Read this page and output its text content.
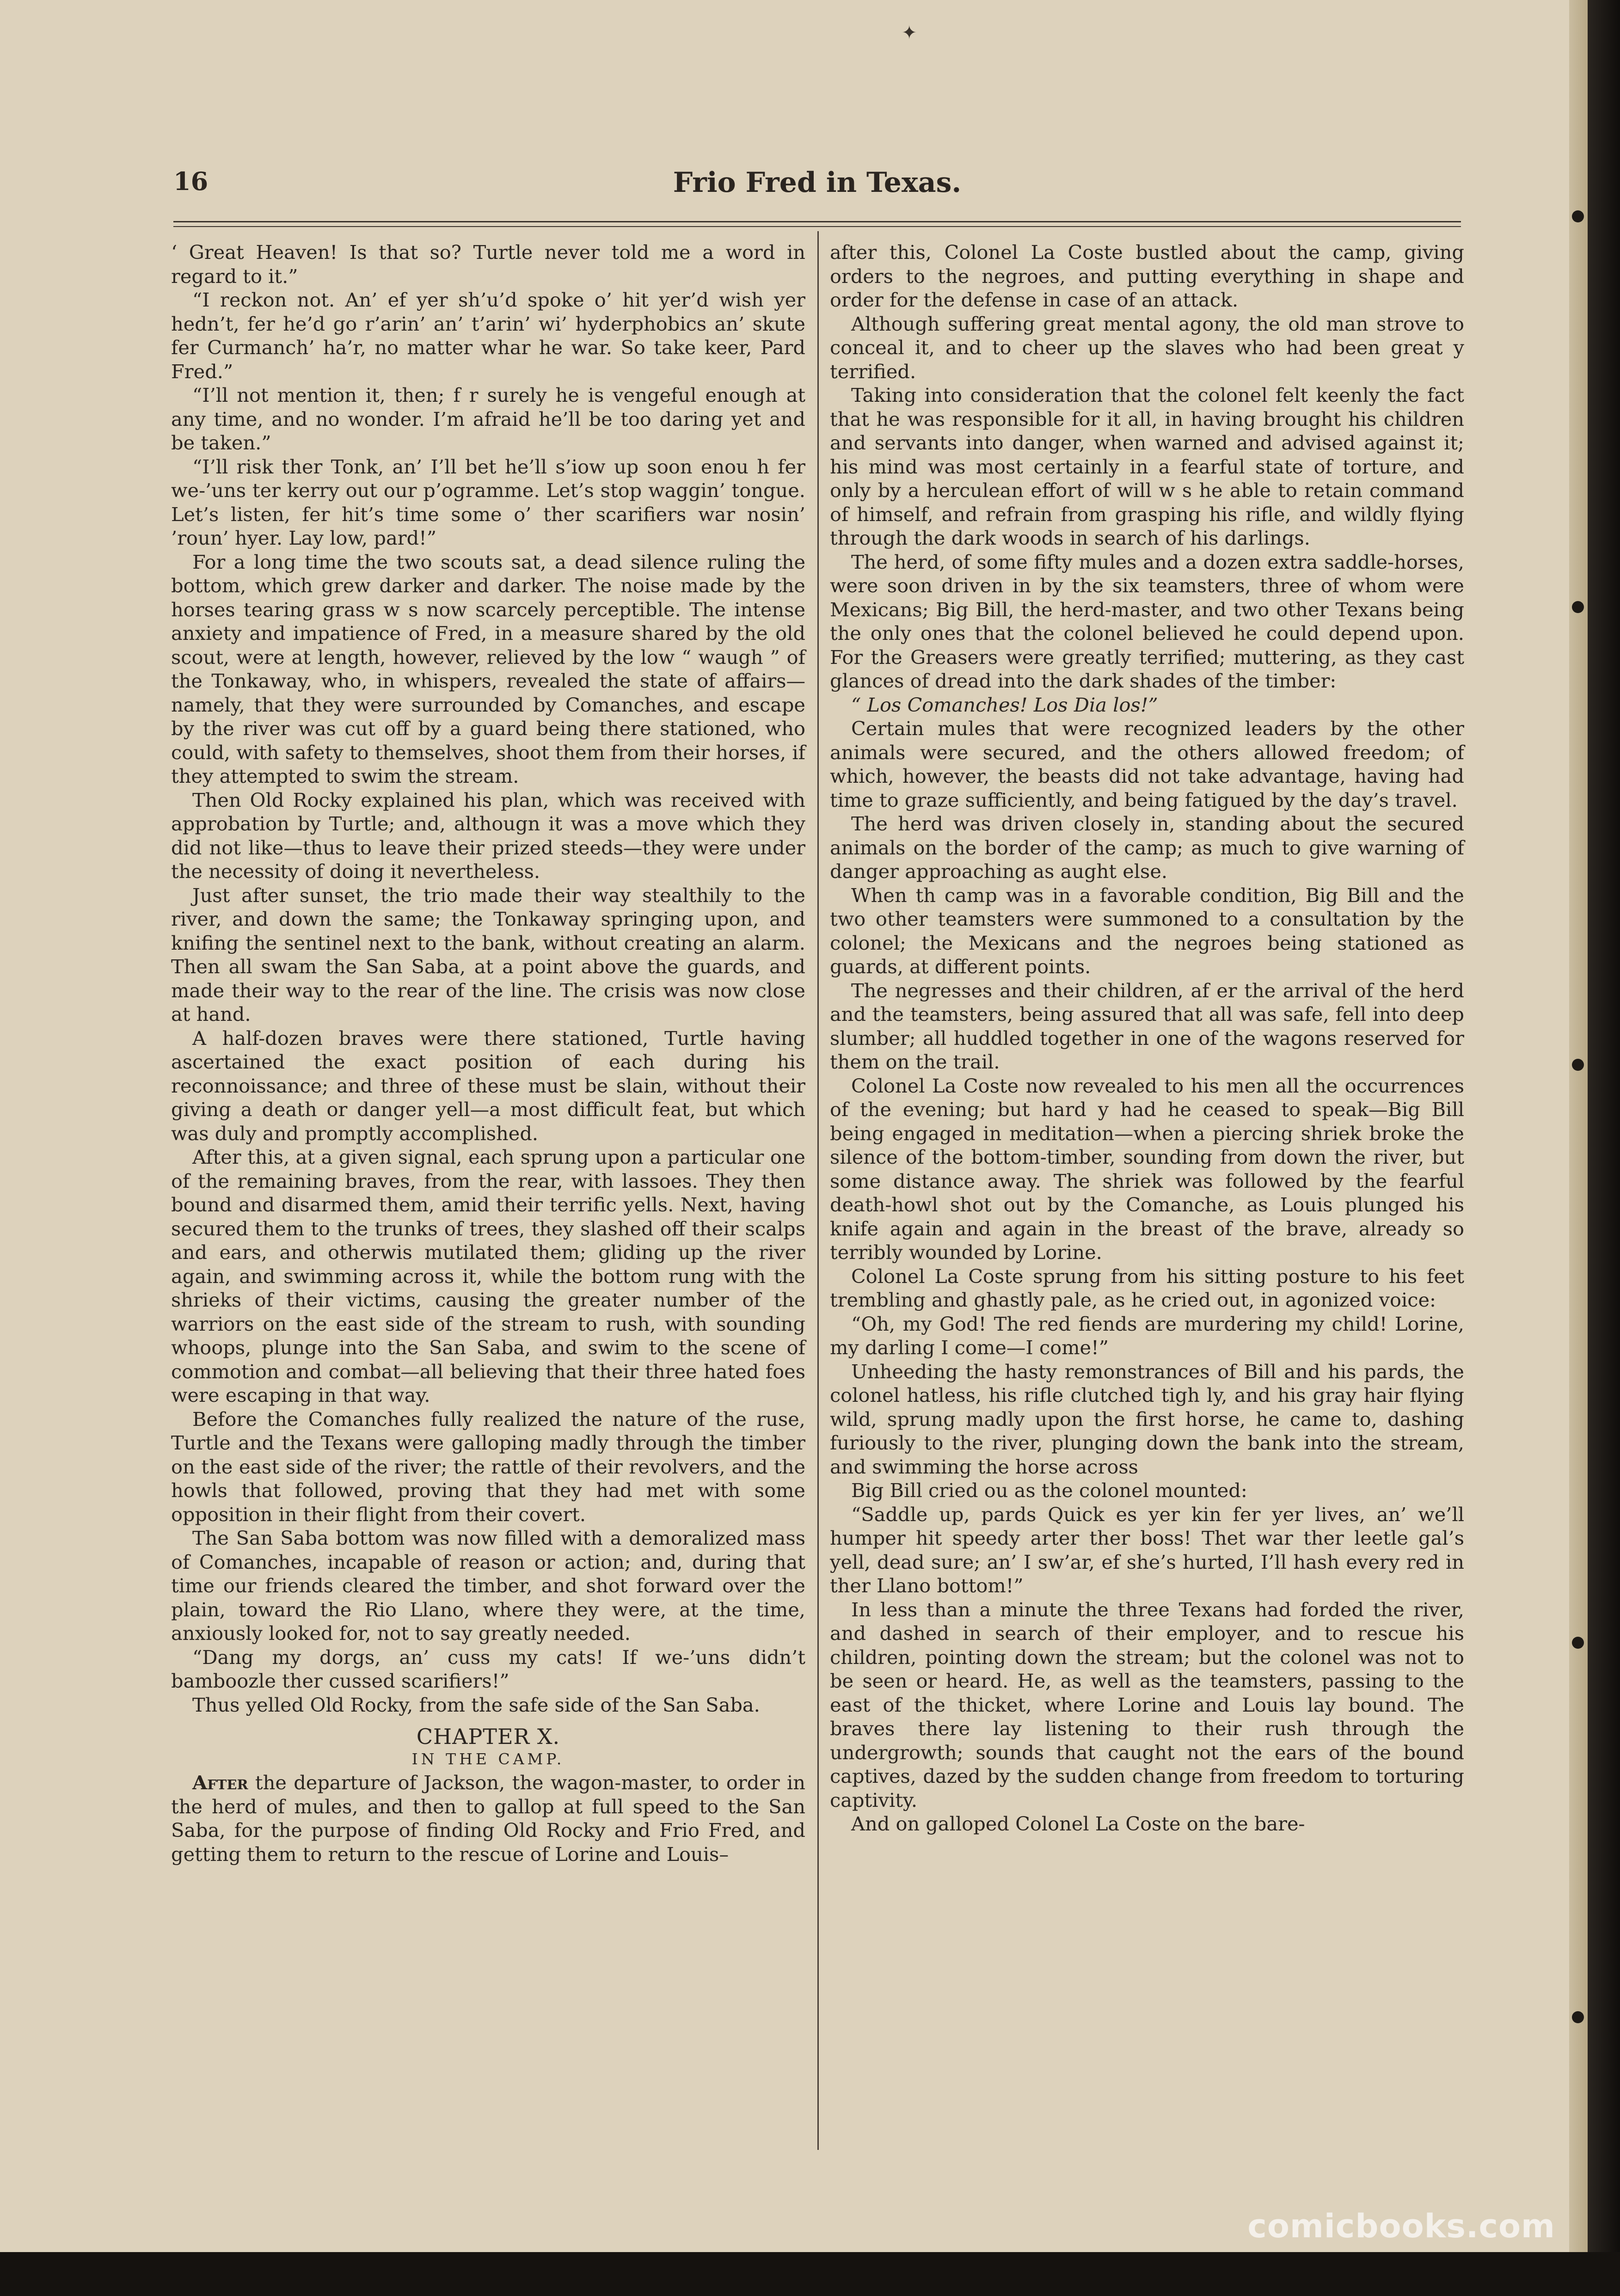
✦
16	Frio Fred in Texas.

‘ Great Heaven! Is that so? Turtle never told me a word in regard to it.”

“I reckon not. An’ ef yer sh’u’d spoke o’ hit yer’d wish yer hedn’t, fer he’d go r’arin’ an’ t’arin’ wi’ hyderphobics an’ skute fer Curmanch’ ha’r, no matter whar he war. So take keer, Pard Fred.”

“I’ll not mention it, then; f r surely he is vengeful enough at any time, and no wonder. I’m afraid he’ll be too daring yet and be taken.”

“I’ll risk ther Tonk, an’ I’ll bet he’ll s’iow up soon enou h fer we-’uns ter kerry out our p’ogramme. Let’s stop waggin’ tongue. Let’s listen, fer hit’s time some o’ ther scarifiers war nosin’ ’roun’ hyer. Lay low, pard!”

For a long time the two scouts sat, a dead silence ruling the bottom, which grew darker and darker. The noise made by the horses tearing grass w s now scarcely perceptible. The intense anxiety and impatience of Fred, in a measure shared by the old scout, were at length, however, relieved by the low “ waugh ” of the Tonkaway, who, in whispers, revealed the state of affairs—namely, that they were surrounded by Comanches, and escape by the river was cut off by a guard being there stationed, who could, with safety to themselves, shoot them from their horses, if they attempted to swim the stream.

Then Old Rocky explained his plan, which was received with approbation by Turtle; and, althougn it was a move which they did not like—thus to leave their prized steeds—they were under the necessity of doing it nevertheless.

Just after sunset, the trio made their way stealthily to the river, and down the same; the Tonkaway springing upon, and knifing the sentinel next to the bank, without creating an alarm. Then all swam the San Saba, at a point above the guards, and made their way to the rear of the line. The crisis was now close at hand.

A half-dozen braves were there stationed, Turtle having ascertained the exact position of each during his reconnoissance; and three of these must be slain, without their giving a death or danger yell—a most difficult feat, but which was duly and promptly accomplished.

After this, at a given signal, each sprung upon a particular one of the remaining braves, from the rear, with lassoes. They then bound and disarmed them, amid their terrific yells. Next, having secured them to the trunks of trees, they slashed off their scalps and ears, and otherwis mutilated them; gliding up the river again, and swimming across it, while the bottom rung with the shrieks of their victims, causing the greater number of the warriors on the east side of the stream to rush, with sounding whoops, plunge into the San Saba, and swim to the scene of commotion and combat—all believing that their three hated foes were escaping in that way.

Before the Comanches fully realized the nature of the ruse, Turtle and the Texans were galloping madly through the timber on the east side of the river; the rattle of their revolvers, and the howls that followed, proving that they had met with some opposition in their flight from their covert.

The San Saba bottom was now filled with a demoralized mass of Comanches, incapable of reason or action; and, during that time our friends cleared the timber, and shot forward over the plain, toward the Rio Llano, where they were, at the time, anxiously looked for, not to say greatly needed.

“Dang my dorgs, an’ cuss my cats! If we-’uns didn’t bamboozle ther cussed scarifiers!”

Thus yelled Old Rocky, from the safe side of the San Saba.

CHAPTER X.
IN THE CAMP.

After the departure of Jackson, the wagon-master, to order in the herd of mules, and then to gallop at full speed to the San Saba, for the purpose of finding Old Rocky and Frio Fred, and getting them to return to the rescue of Lorine and Louis–

after this, Colonel La Coste bustled about the camp, giving orders to the negroes, and putting everything in shape and order for the defense in case of an attack.

Although suffering great mental agony, the old man strove to conceal it, and to cheer up the slaves who had been great y terrified.

Taking into consideration that the colonel felt keenly the fact that he was responsible for it all, in having brought his children and servants into danger, when warned and advised against it; his mind was most certainly in a fearful state of torture, and only by a herculean effort of will w s he able to retain command of himself, and refrain from grasping his rifle, and wildly flying through the dark woods in search of his darlings.

The herd, of some fifty mules and a dozen extra saddle-horses, were soon driven in by the six teamsters, three of whom were Mexicans; Big Bill, the herd-master, and two other Texans being the only ones that the colonel believed he could depend upon. For the Greasers were greatly terrified; muttering, as they cast glances of dread into the dark shades of the timber:

“ Los Comanches! Los Dia los!”

Certain mules that were recognized leaders by the other animals were secured, and the others allowed freedom; of which, however, the beasts did not take advantage, having had time to graze sufficiently, and being fatigued by the day’s travel.

The herd was driven closely in, standing about the secured animals on the border of the camp; as much to give warning of danger approaching as aught else.

When th camp was in a favorable condition, Big Bill and the two other teamsters were summoned to a consultation by the colonel; the Mexicans and the negroes being stationed as guards, at different points.

The negresses and their children, af er the arrival of the herd and the teamsters, being assured that all was safe, fell into deep slumber; all huddled together in one of the wagons reserved for them on the trail.

Colonel La Coste now revealed to his men all the occurrences of the evening; but hard y had he ceased to speak—Big Bill being engaged in meditation—when a piercing shriek broke the silence of the bottom-timber, sounding from down the river, but some distance away. The shriek was followed by the fearful death-howl shot out by the Comanche, as Louis plunged his knife again and again in the breast of the brave, already so terribly wounded by Lorine.

Colonel La Coste sprung from his sitting posture to his feet trembling and ghastly pale, as he cried out, in agonized voice:

“Oh, my God! The red fiends are murdering my child! Lorine, my darling I come—I come!”

Unheeding the hasty remonstrances of Bill and his pards, the colonel hatless, his rifle clutched tigh ly, and his gray hair flying wild, sprung madly upon the first horse, he came to, dashing furiously to the river, plunging down the bank into the stream, and swimming the horse across

Big Bill cried ou as the colonel mounted:

“Saddle up, pards Quick es yer kin fer yer lives, an’ we’ll humper hit speedy arter ther boss! Thet war ther leetle gal’s yell, dead sure; an’ I sw’ar, ef she’s hurted, I’ll hash every red in ther Llano bottom!”

In less than a minute the three Texans had forded the river, and dashed in search of their employer, and to rescue his children, pointing down the stream; but the colonel was not to be seen or heard. He, as well as the teamsters, passing to the east of the thicket, where Lorine and Louis lay bound. The braves there lay listening to their rush through the undergrowth; sounds that caught not the ears of the bound captives, dazed by the sudden change from freedom to torturing captivity.

And on galloped Colonel La Coste on the bare-

comicbooks.com
